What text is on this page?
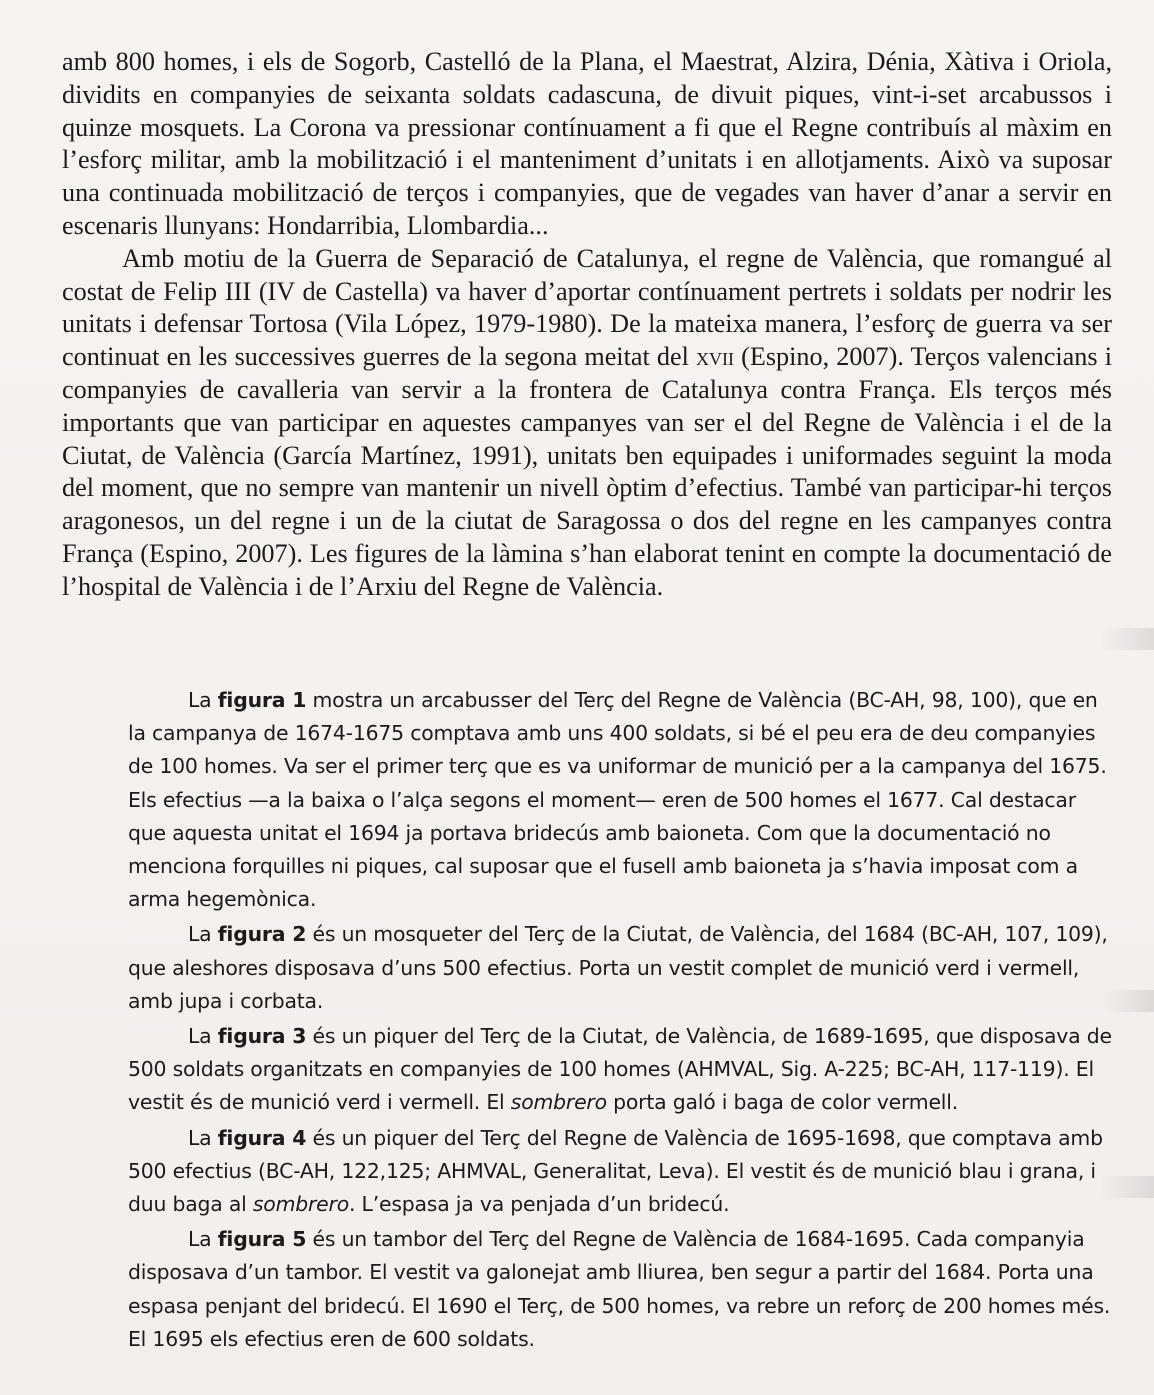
amb 800 homes, i els de Sogorb, Castelló de la Plana, el Maestrat, Alzira, Dénia, Xàtiva i Oriola, dividits en companyies de seixanta soldats cadascuna, de divuit piques, vint-i-set arcabussos i quinze mosquets. La Corona va pressionar contínuament a fi que el Regne contribuís al màxim en l’esforç militar, amb la mobilització i el manteniment d’unitats i en allotjaments. Això va suposar una continuada mobilització de terços i companyies, que de vegades van haver d’anar a servir en escenaris llunyans: Hondarribia, Llombardia...

Amb motiu de la Guerra de Separació de Catalunya, el regne de València, que romangué al costat de Felip III (IV de Castella) va haver d’aportar contínuament pertrets i soldats per nodrir les unitats i defensar Tortosa (Vila López, 1979-1980). De la mateixa manera, l’esforç de guerra va ser continuat en les successives guerres de la segona meitat del xvii (Espino, 2007). Terços valencians i companyies de cavalleria van servir a la frontera de Catalunya contra França. Els terços més importants que van participar en aquestes campanyes van ser el del Regne de València i el de la Ciutat, de València (García Martínez, 1991), unitats ben equipades i uniformades seguint la moda del moment, que no sempre van mantenir un nivell òptim d’efectius. També van participar-hi terços aragonesos, un del regne i un de la ciutat de Saragossa o dos del regne en les campanyes contra França (Espino, 2007). Les figures de la làmina s’han elaborat tenint en compte la documentació de l’hospital de València i de l’Arxiu del Regne de València.

La figura 1 mostra un arcabusser del Terç del Regne de València (BC-AH, 98, 100), que en la campanya de 1674-1675 comptava amb uns 400 soldats, si bé el peu era de deu companyies de 100 homes. Va ser el primer terç que es va uniformar de munició per a la campanya del 1675. Els efectius —a la baixa o l’alça segons el moment— eren de 500 homes el 1677. Cal destacar que aquesta unitat el 1694 ja portava bridecús amb baioneta. Com que la documentació no menciona forquilles ni piques, cal suposar que el fusell amb baioneta ja s’havia imposat com a arma hegemònica.

La figura 2 és un mosqueter del Terç de la Ciutat, de València, del 1684 (BC-AH, 107, 109), que aleshores disposava d’uns 500 efectius. Porta un vestit complet de munició verd i vermell, amb jupa i corbata.

La figura 3 és un piquer del Terç de la Ciutat, de València, de 1689-1695, que disposava de 500 soldats organitzats en companyies de 100 homes (AHMVAL, Sig. A-225; BC-AH, 117-119). El vestit és de munició verd i vermell. El sombrero porta galó i baga de color vermell.

La figura 4 és un piquer del Terç del Regne de València de 1695-1698, que comptava amb 500 efectius (BC-AH, 122,125; AHMVAL, Generalitat, Leva). El vestit és de munició blau i grana, i duu baga al sombrero. L’espasa ja va penjada d’un bridecú.

La figura 5 és un tambor del Terç del Regne de València de 1684-1695. Cada companyia disposava d’un tambor. El vestit va galonejat amb lliurea, ben segur a partir del 1684. Porta una espasa penjant del bridecú. El 1690 el Terç, de 500 homes, va rebre un reforç de 200 homes més. El 1695 els efectius eren de 600 soldats.
